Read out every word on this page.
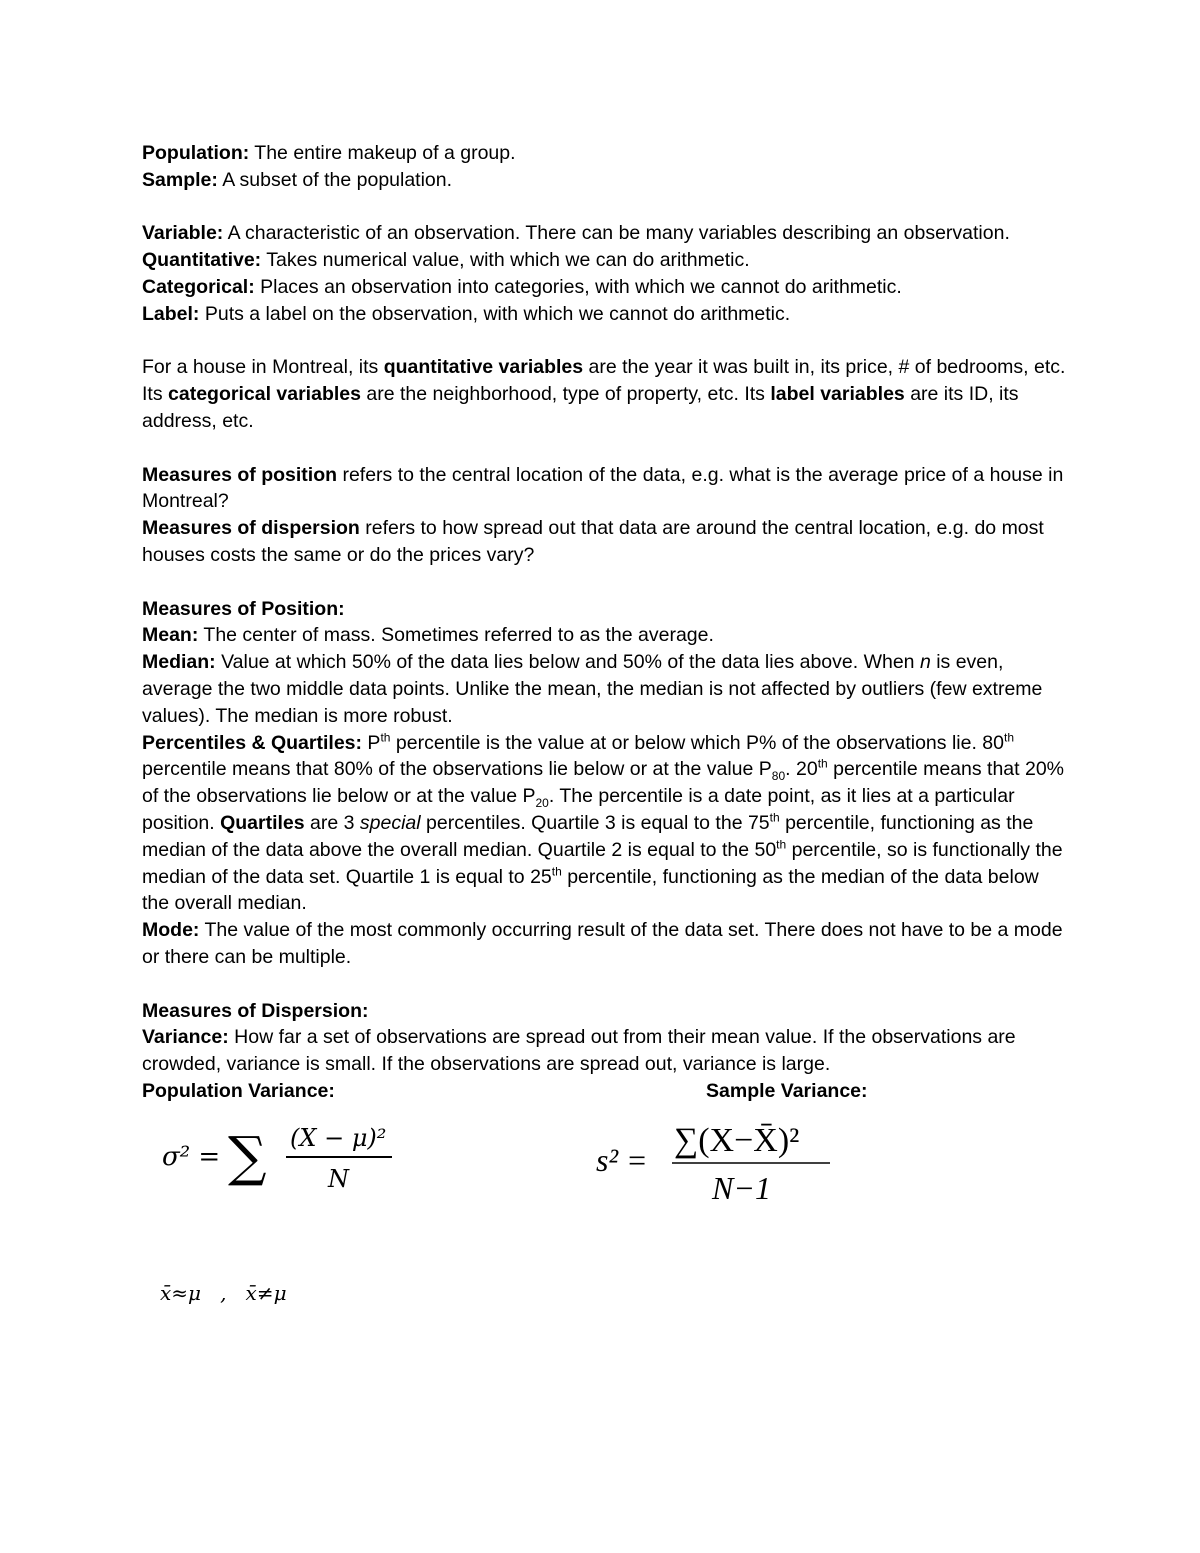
Population: The entire makeup of a group.

Sample: A subset of the population.

Variable: A characteristic of an observation. There can be many variables describing an observation.

Quantitative: Takes numerical value, with which we can do arithmetic.

Categorical: Places an observation into categories, with which we cannot do arithmetic.

Label: Puts a label on the observation, with which we cannot do arithmetic.

For a house in Montreal, its quantitative variables are the year it was built in, its price, # of bedrooms, etc. Its categorical variables are the neighborhood, type of property, etc. Its label variables are its ID, its address, etc.

Measures of position refers to the central location of the data, e.g. what is the average price of a house in Montreal?

Measures of dispersion refers to how spread out that data are around the central location, e.g. do most houses costs the same or do the prices vary?

Measures of Position:

Mean: The center of mass. Sometimes referred to as the average.

Median: Value at which 50% of the data lies below and 50% of the data lies above. When n is even, average the two middle data points. Unlike the mean, the median is not affected by outliers (few extreme values). The median is more robust.

Percentiles & Quartiles: $P^{th}$ percentile is the value at or below which P% of the observations lie. 80th percentile means that 80% of the observations lie below or at the value $P_{80}$. 20th percentile means that 20% of the observations lie below or at the value $P_{20}$. The percentile is a date point, as it lies at a particular position. Quartiles are 3 special percentiles. Quartile 3 is equal to the 75th percentile, functioning as the median of the data above the overall median. Quartile 2 is equal to the 50th percentile, so is functionally the median of the data set. Quartile 1 is equal to 25th percentile, functioning as the median of the data below the overall median.

Mode: The value of the most commonly occurring result of the data set. There does not have to be a mode or there can be multiple.

Measures of Dispersion:

Variance: How far a set of observations are spread out from their mean value. If the observations are crowded, variance is small. If the observations are spread out, variance is large.

Population Variance:	Sample Variance:
σ² = ∑ (X − μ)²
N
s² =
∑(X−X̄)²
N−1
x̄≈μ   ,   x̄≠μ
